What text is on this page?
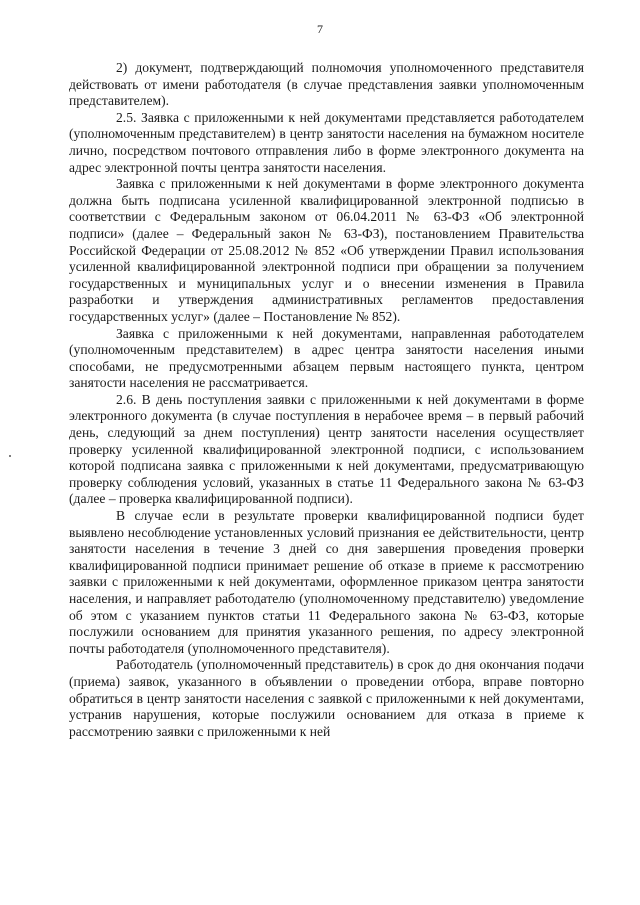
7

2) документ, подтверждающий полномочия уполномоченного представителя действовать от имени работодателя (в случае представления заявки уполномоченным представителем).

2.5. Заявка с приложенными к ней документами представляется работодателем (уполномоченным представителем) в центр занятости населения на бумажном носителе лично, посредством почтового отправления либо в форме электронного документа на адрес электронной почты центра занятости населения.

Заявка с приложенными к ней документами в форме электронного документа должна быть подписана усиленной квалифицированной электронной подписью в соответствии с Федеральным законом от 06.04.2011 № 63-ФЗ «Об электронной подписи» (далее – Федеральный закон № 63-ФЗ), постановлением Правительства Российской Федерации от 25.08.2012 № 852 «Об утверждении Правил использования усиленной квалифицированной электронной подписи при обращении за получением государственных и муниципальных услуг и о внесении изменения в Правила разработки и утверждения административных регламентов предоставления государственных услуг» (далее – Постановление № 852).

Заявка с приложенными к ней документами, направленная работодателем (уполномоченным представителем) в адрес центра занятости населения иными способами, не предусмотренными абзацем первым настоящего пункта, центром занятости населения не рассматривается.

2.6. В день поступления заявки с приложенными к ней документами в форме электронного документа (в случае поступления в нерабочее время – в первый рабочий день, следующий за днем поступления) центр занятости населения осуществляет проверку усиленной квалифицированной электронной подписи, с использованием которой подписана заявка с приложенными к ней документами, предусматривающую проверку соблюдения условий, указанных в статье 11 Федерального закона № 63-ФЗ (далее – проверка квалифицированной подписи).

В случае если в результате проверки квалифицированной подписи будет выявлено несоблюдение установленных условий признания ее действительности, центр занятости населения в течение 3 дней со дня завершения проведения проверки квалифицированной подписи принимает решение об отказе в приеме к рассмотрению заявки с приложенными к ней документами, оформленное приказом центра занятости населения, и направляет работодателю (уполномоченному представителю) уведомление об этом с указанием пунктов статьи 11 Федерального закона № 63-ФЗ, которые послужили основанием для принятия указанного решения, по адресу электронной почты работодателя (уполномоченного представителя).

Работодатель (уполномоченный представитель) в срок до дня окончания подачи (приема) заявок, указанного в объявлении о проведении отбора, вправе повторно обратиться в центр занятости населения с заявкой с приложенными к ней документами, устранив нарушения, которые послужили основанием для отказа в приеме к рассмотрению заявки с приложенными к ней
